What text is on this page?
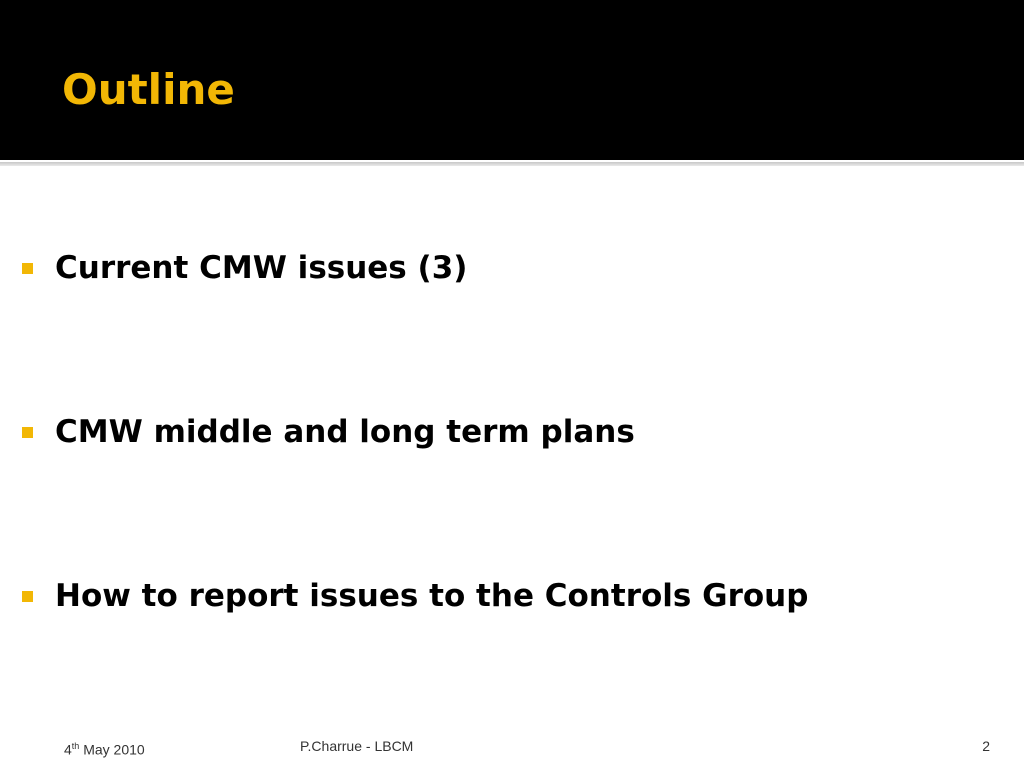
Outline
Current CMW issues (3)
CMW middle and long term plans
How to report issues to the Controls Group
4th May 2010	P.Charrue - LBCM	2
